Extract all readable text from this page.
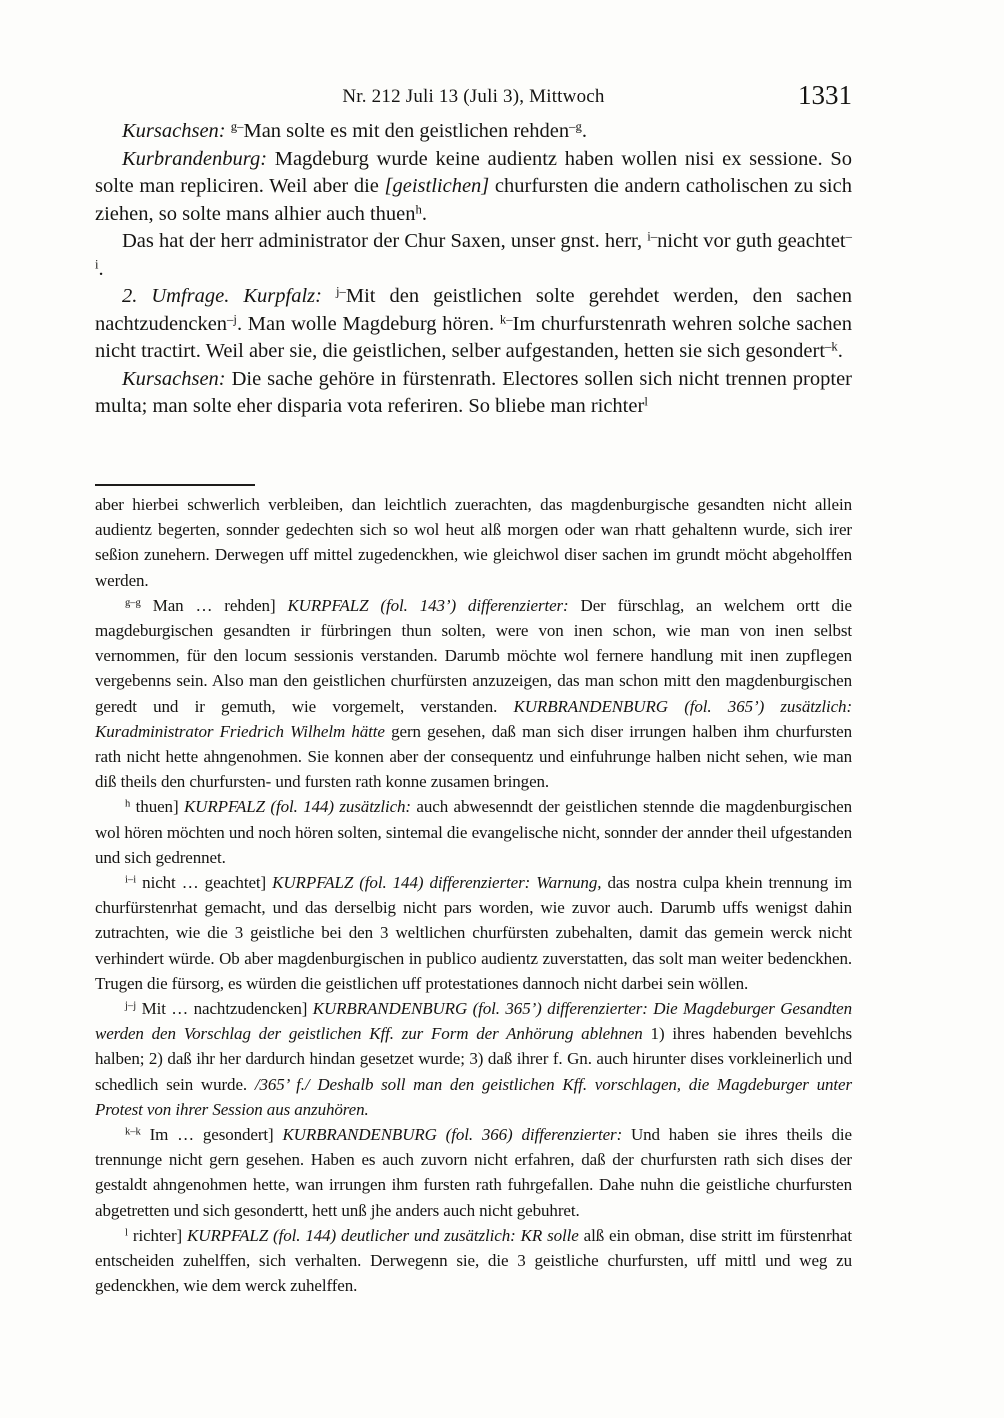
Nr. 212 Juli 13 (Juli 3), Mittwoch	1331

Kursachsen: $^{g-}$Man solte es mit den geistlichen rehden$^{-g}$.

Kurbrandenburg: Magdeburg wurde keine audientz haben wollen nisi ex sessione. So solte man repliciren. Weil aber die [geistlichen] churfursten die andern catholischen zu sich ziehen, so solte mans alhier auch thuen$^h$.

Das hat der herr administrator der Chur Saxen, unser gnst. herr, $^{i-}$nicht vor guth geachtet$^{-i}$.

2. Umfrage. Kurpfalz: $^{j-}$Mit den geistlichen solte gerehdet werden, den sachen nachtzudencken$^{-j}$. Man wolle Magdeburg hören. $^{k-}$Im churfurstenrath wehren solche sachen nicht tractirt. Weil aber sie, die geistlichen, selber aufgestanden, hetten sie sich gesondert$^{-k}$.

Kursachsen: Die sache gehöre in fürstenrath. Electores sollen sich nicht trennen propter multa; man solte eher disparia vota referiren. So bliebe man richter$^l$

aber hierbei schwerlich verbleiben, dan leichtlich zuerachten, das magdenburgische gesandten nicht allein audientz begerten, sonnder gedechten sich so wol heut alß morgen oder wan rhatt gehaltenn wurde, sich irer seßion zunehern. Derwegen uff mittel zugedenckhen, wie gleichwol diser sachen im grundt möcht abgeholffen werden.

$^{g-g}$ Man … rehden] KURPFALZ (fol. 143’) differenzierter: Der fürschlag, an welchem ortt die magdeburgischen gesandten ir fürbringen thun solten, were von inen schon, wie man von inen selbst vernommen, für den locum sessionis verstanden. Darumb möchte wol fernere handlung mit inen zupflegen vergebenns sein. Also man den geistlichen churfürsten anzuzeigen, das man schon mitt den magdenburgischen geredt und ir gemuth, wie vorgemelt, verstanden. KURBRANDENBURG (fol. 365’) zusätzlich: Kuradministrator Friedrich Wilhelm hätte gern gesehen, daß man sich diser irrungen halben ihm churfursten rath nicht hette ahngenohmen. Sie konnen aber der consequentz und einfuhrunge halben nicht sehen, wie man diß theils den churfursten- und fursten rath konne zusamen bringen.

$^h$ thuen] KURPFALZ (fol. 144) zusätzlich: auch abwesenndt der geistlichen stennde die magdenburgischen wol hören möchten und noch hören solten, sintemal die evangelische nicht, sonnder der annder theil ufgestanden und sich gedrennet.

$^{i-i}$ nicht … geachtet] KURPFALZ (fol. 144) differenzierter: Warnung, das nostra culpa khein trennung im churfürstenrhat gemacht, und das derselbig nicht pars worden, wie zuvor auch. Darumb uffs wenigst dahin zutrachten, wie die 3 geistliche bei den 3 weltlichen churfürsten zubehalten, damit das gemein werck nicht verhindert würde. Ob aber magdenburgischen in publico audientz zuverstatten, das solt man weiter bedenckhen. Trugen die fürsorg, es würden die geistlichen uff protestationes dannoch nicht darbei sein wöllen.

$^{j-j}$ Mit … nachtzudencken] KURBRANDENBURG (fol. 365’) differenzierter: Die Magdeburger Gesandten werden den Vorschlag der geistlichen Kff. zur Form der Anhörung ablehnen 1) ihres habenden bevehlchs halben; 2) daß ihr her dardurch hindan gesetzet wurde; 3) daß ihrer f. Gn. auch hirunter dises vorkleinerlich und schedlich sein wurde. /365’ f./ Deshalb soll man den geistlichen Kff. vorschlagen, die Magdeburger unter Protest von ihrer Session aus anzuhören.

$^{k-k}$ Im … gesondert] KURBRANDENBURG (fol. 366) differenzierter: Und haben sie ihres theils die trennunge nicht gern gesehen. Haben es auch zuvorn nicht erfahren, daß der churfursten rath sich dises der gestaldt ahngenohmen hette, wan irrungen ihm fursten rath fuhrgefallen. Dahe nuhn die geistliche churfursten abgetretten und sich gesondertt, hett unß jhe anders auch nicht gebuhret.

$^l$ richter] KURPFALZ (fol. 144) deutlicher und zusätzlich: KR solle alß ein obman, dise stritt im fürstenrhat entscheiden zuhelffen, sich verhalten. Derwegenn sie, die 3 geistliche churfursten, uff mittl und weg zu gedenckhen, wie dem werck zuhelffen.
